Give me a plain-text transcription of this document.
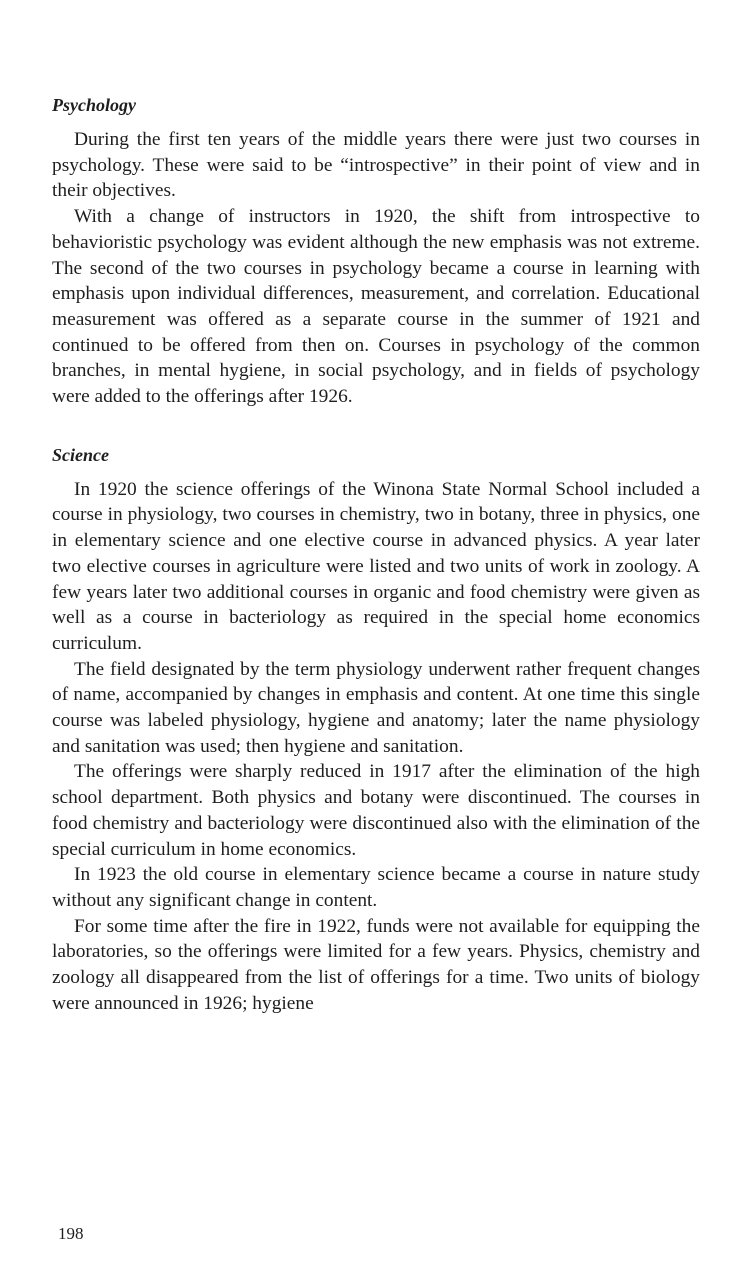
Psychology

During the first ten years of the middle years there were just two courses in psychology. These were said to be “introspective” in their point of view and in their objectives.

With a change of instructors in 1920, the shift from introspective to behavioristic psychology was evident although the new emphasis was not extreme. The second of the two courses in psychology became a course in learning with emphasis upon individual differences, measurement, and correlation. Educational measurement was offered as a separate course in the summer of 1921 and continued to be offered from then on. Courses in psychology of the common branches, in mental hygiene, in social psychology, and in fields of psychology were added to the offerings after 1926.

Science

In 1920 the science offerings of the Winona State Normal School included a course in physiology, two courses in chemistry, two in botany, three in physics, one in elementary science and one elective course in advanced physics. A year later two elective courses in agriculture were listed and two units of work in zoology. A few years later two additional courses in organic and food chemistry were given as well as a course in bacteriology as required in the special home economics curriculum.

The field designated by the term physiology underwent rather frequent changes of name, accompanied by changes in emphasis and content. At one time this single course was labeled physiology, hygiene and anatomy; later the name physiology and sanitation was used; then hygiene and sanitation.

The offerings were sharply reduced in 1917 after the elimination of the high school department. Both physics and botany were discontinued. The courses in food chemistry and bacteriology were discontinued also with the elimination of the special curriculum in home economics.

In 1923 the old course in elementary science became a course in nature study without any significant change in content.

For some time after the fire in 1922, funds were not available for equipping the laboratories, so the offerings were limited for a few years. Physics, chemistry and zoology all disappeared from the list of offerings for a time. Two units of biology were announced in 1926; hygiene

198
